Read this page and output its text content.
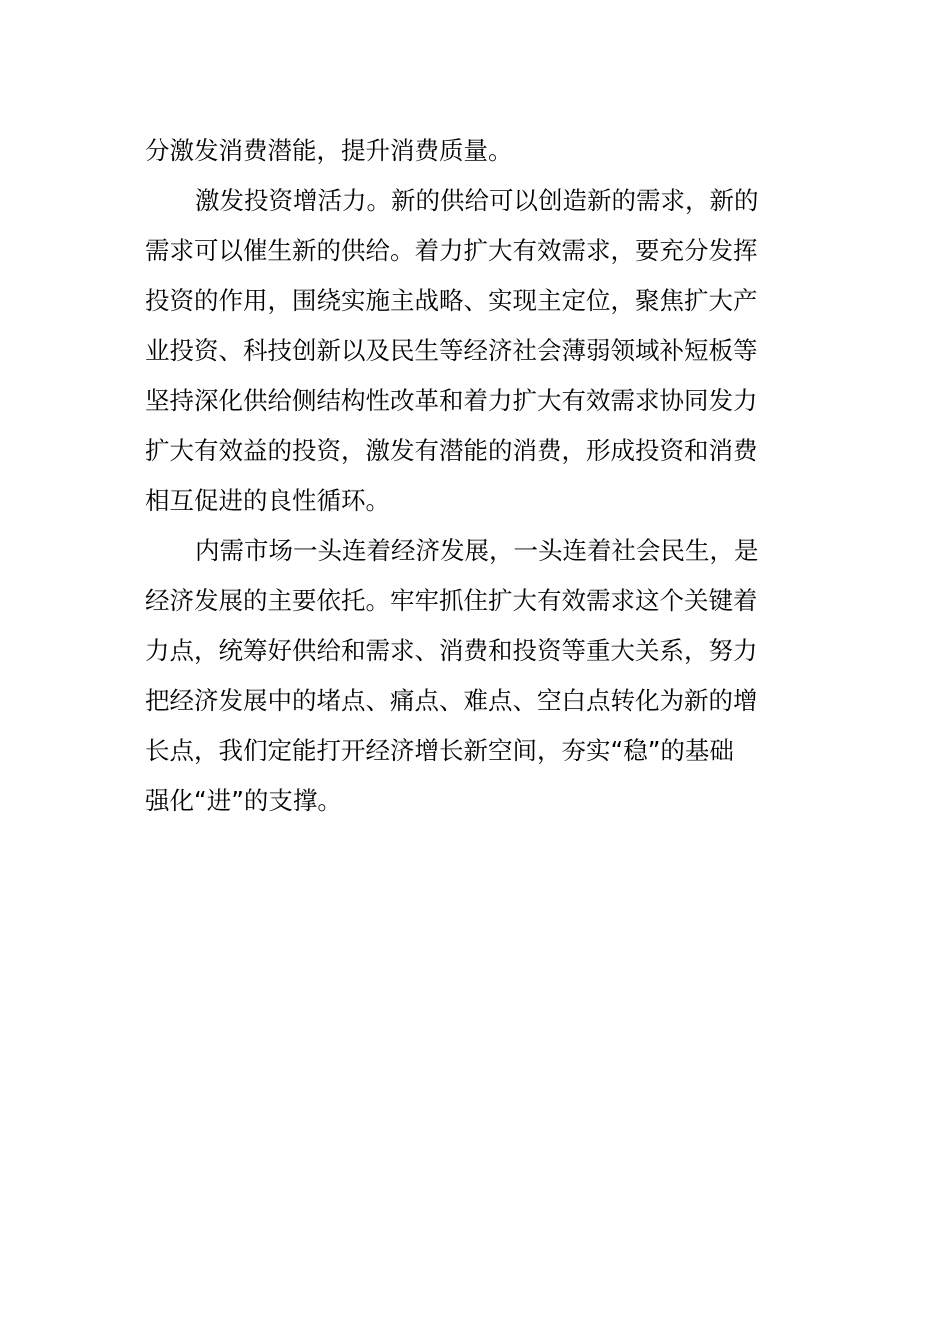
分激发消费潜能，提升消费质量。
激发投资增活力。新的供给可以创造新的需求，新的
需求可以催生新的供给。着力扩大有效需求，要充分发挥
投资的作用，围绕实施主战略、实现主定位，聚焦扩大产
业投资、科技创新以及民生等经济社会薄弱领域补短板等
坚持深化供给侧结构性改革和着力扩大有效需求协同发力
扩大有效益的投资，激发有潜能的消费，形成投资和消费
相互促进的良性循环。
内需市场一头连着经济发展，一头连着社会民生，是
经济发展的主要依托。牢牢抓住扩大有效需求这个关键着
力点，统筹好供给和需求、消费和投资等重大关系，努力
把经济发展中的堵点、痛点、难点、空白点转化为新的增
长点，我们定能打开经济增长新空间，夯实“稳”的基础
强化“进”的支撑。
